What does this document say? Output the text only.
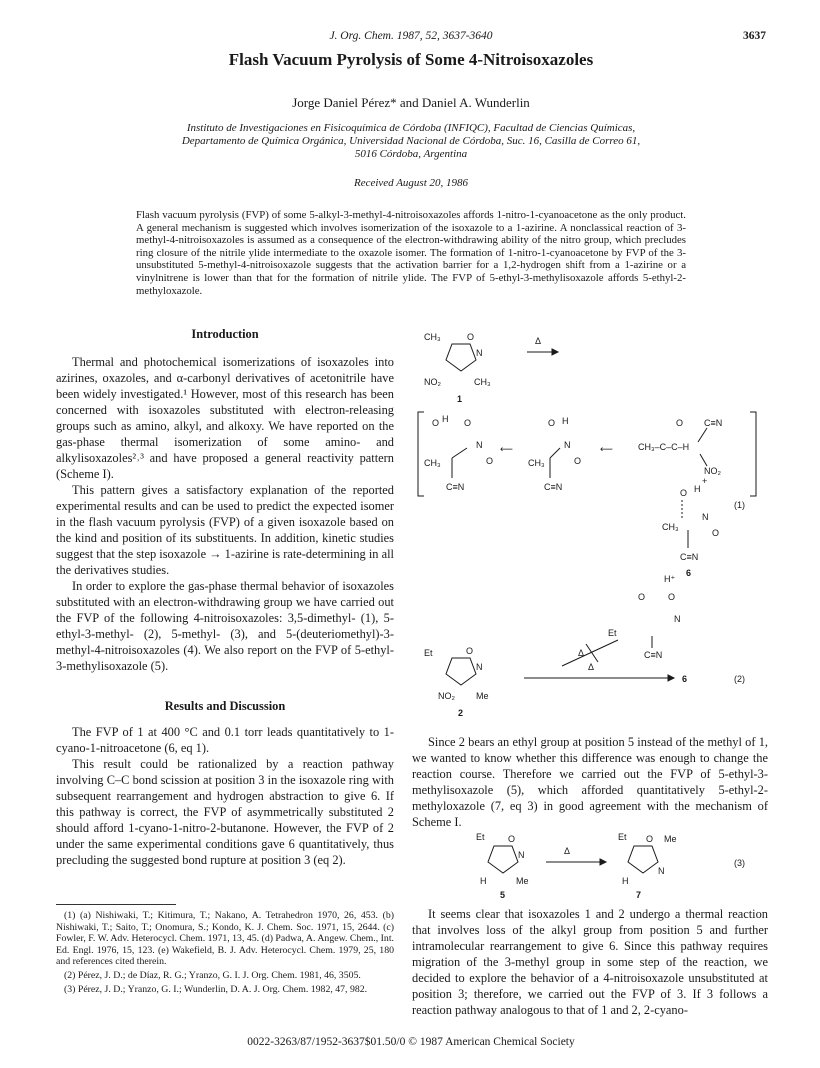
J. Org. Chem. 1987, 52, 3637-3640	3637
Flash Vacuum Pyrolysis of Some 4-Nitroisoxazoles
Jorge Daniel Pérez* and Daniel A. Wunderlin
Instituto de Investigaciones en Fisicoquímica de Córdoba (INFIQC), Facultad de Ciencias Químicas,
Departamento de Química Orgánica, Universidad Nacional de Córdoba, Suc. 16, Casilla de Correo 61,
5016 Córdoba, Argentina
Received August 20, 1986
Flash vacuum pyrolysis (FVP) of some 5-alkyl-3-methyl-4-nitroisoxazoles affords 1-nitro-1-cyanoacetone as the only product. A general mechanism is suggested which involves isomerization of the isoxazole to a 1-azirine. A nonclassical reaction of 3-methyl-4-nitroisoxazoles is assumed as a consequence of the electron-withdrawing ability of the nitro group, which precludes ring closure of the nitrile ylide intermediate to the oxazole isomer. The formation of 1-nitro-1-cyanoacetone by FVP of the 3-unsubstituted 5-methyl-4-nitroisoxazole suggests that the activation barrier for a 1,2-hydrogen shift from a 1-azirine or a vinylnitrene is lower than that for the formation of nitrile ylide. The FVP of 5-ethyl-3-methylisoxazole affords 5-ethyl-2-methyloxazole.

Introduction

Thermal and photochemical isomerizations of isoxazoles into azirines, oxazoles, and α-carbonyl derivatives of acetonitrile have been widely investigated.¹ However, most of this research has been concerned with isoxazoles substituted with electron-releasing groups such as amino, alkyl, and alkoxy. We have reported on the gas-phase thermal isomerization of some amino- and alkylisoxazoles²˒³ and have proposed a general reactivity pattern (Scheme I).

This pattern gives a satisfactory explanation of the reported experimental results and can be used to predict the expected isomer in the flash vacuum pyrolysis (FVP) of a given isoxazole based on the kind and position of its substituents. In addition, kinetic studies suggest that the step isoxazole → 1-azirine is rate-determining in all the derivatives studies.

In order to explore the gas-phase thermal behavior of isoxazoles substituted with an electron-withdrawing group we have carried out the FVP of the following 4-nitroisoxazoles: 3,5-dimethyl- (1), 5-ethyl-3-methyl- (2), 5-methyl- (3), and 5-(deuteriomethyl)-3-methyl-4-nitroisoxazoles (4). We also report on the FVP of 5-ethyl-3-methylisoxazole (5).

Results and Discussion

The FVP of 1 at 400 °C and 0.1 torr leads quantitatively to 1-cyano-1-nitroacetone (6, eq 1).

This result could be rationalized by a reaction pathway involving C–C bond scission at position 3 in the isoxazole ring with subsequent rearrangement and hydrogen abstraction to give 6. If this pathway is correct, the FVP of asymmetrically substituted 2 should afford 1-cyano-1-nitro-2-butanone. However, the FVP of 2 under the same experimental conditions gave 6 quantitatively, thus precluding the suggested bond rupture at position 3 (eq 2).

(1) (a) Nishiwaki, T.; Kitimura, T.; Nakano, A. Tetrahedron 1970, 26, 453. (b) Nishiwaki, T.; Saito, T.; Onomura, S.; Kondo, K. J. Chem. Soc. 1971, 15, 2644. (c) Fowler, F. W. Adv. Heterocycl. Chem. 1971, 13, 45. (d) Padwa, A. Angew. Chem., Int. Ed. Engl. 1976, 15, 123. (e) Wakefield, B. J. Adv. Heterocycl. Chem. 1979, 25, 180 and references cited therein.

(2) Pérez, J. D.; de Díaz, R. G.; Yranzo, G. I. J. Org. Chem. 1981, 46, 3505.

(3) Pérez, J. D.; Yranzo, G. I.; Wunderlin, D. A. J. Org. Chem. 1982, 47, 982.

CH₃	O
N
NO₂	CH₃
1
Δ
O H O
N
O
CH₃
C≡N
⟵
H
O
N
O
CH₃
C≡N
⟵
O C≡N
CH₃–C–C–H
NO₂
H
+
O
N
O
CH₃
C≡N
6
(1)
H⁺
O	O
N
Et
C≡N
Δ
Et	O
N
NO₂ Me
2
Δ
6	(2)

Since 2 bears an ethyl group at position 5 instead of the methyl of 1, we wanted to know whether this difference was enough to change the reaction course. Therefore we carried out the FVP of 5-ethyl-3-methylisoxazole (5), which afforded quantitatively 5-ethyl-2-methyloxazole (7, eq 3) in good agreement with the mechanism of Scheme I.

Et	O
N
H	Me
5
Δ
Et O Me
N
H
7
(3)

It seems clear that isoxazoles 1 and 2 undergo a thermal reaction that involves loss of the alkyl group from position 5 and further intramolecular rearrangement to give 6. Since this pathway requires migration of the 3-methyl group in some step of the reaction, we decided to explore the behavior of a 4-nitroisoxazole unsubstituted at position 3; therefore, we carried out the FVP of 3. If 3 follows a reaction pathway analogous to that of 1 and 2, 2-cyano-

0022-3263/87/1952-3637$01.50/0 © 1987 American Chemical Society
